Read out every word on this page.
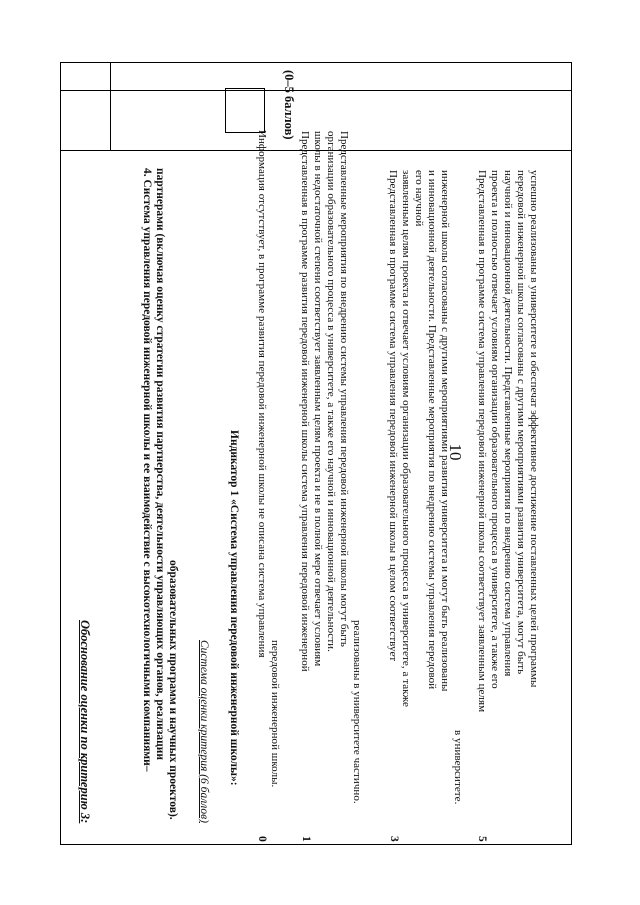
10
Обоснование оценки по критерию 3:
(0–5 баллов)
4. Система управления передовой инженерной школы и ее взаимодействие с высокотехнологичными компаниями– партнерами (включая оценку стратегии развития партнерства, деятельности управляющих органов, реализации образовательных программ и научных проектов). Система оценки критерия (6 баллов) Индикатор 1 «Система управления передовой инженерной школы»:
0
Информация отсутствует, в программе развития передовой инженерной школы не описана система управления
передовой инженерной школы.
1
Представленная в программе развития передовой инженерной школы система управления передовой инженерной школы в недостаточной степени соответствует заявленным целям проекта и не в полной мере отвечает условиям организации образовательного процесса в университете, а также его научной и инновационной деятельности. Представленные мероприятия по внедрению системы управления передовой инженерной школы могут быть
реализованы в университете частично.
3
Представленная в программе система управления передовой инженерной школы в целом соответствует заявленным целям проекта и отвечает условиям организации образовательного процесса в университете, а также его научной и инновационной деятельности. Представленные мероприятия по внедрению системы управления передовой инженерной школы согласованы с другими мероприятиями развития университета и могут быть реализованы
в университете.
5
Представленная в программе система управления передовой инженерной школы соответствует заявленным целям проекта и полностью отвечает условиям организации образовательного процесса в университете, а также его научной и инновационной деятельности. Представленные мероприятия по внедрению система управления передовой инженерной школы согласованы с другими мероприятиями развития университета, могут быть успешно реализованы в университете и обеспечат эффективное достижение поставленных целей программы
